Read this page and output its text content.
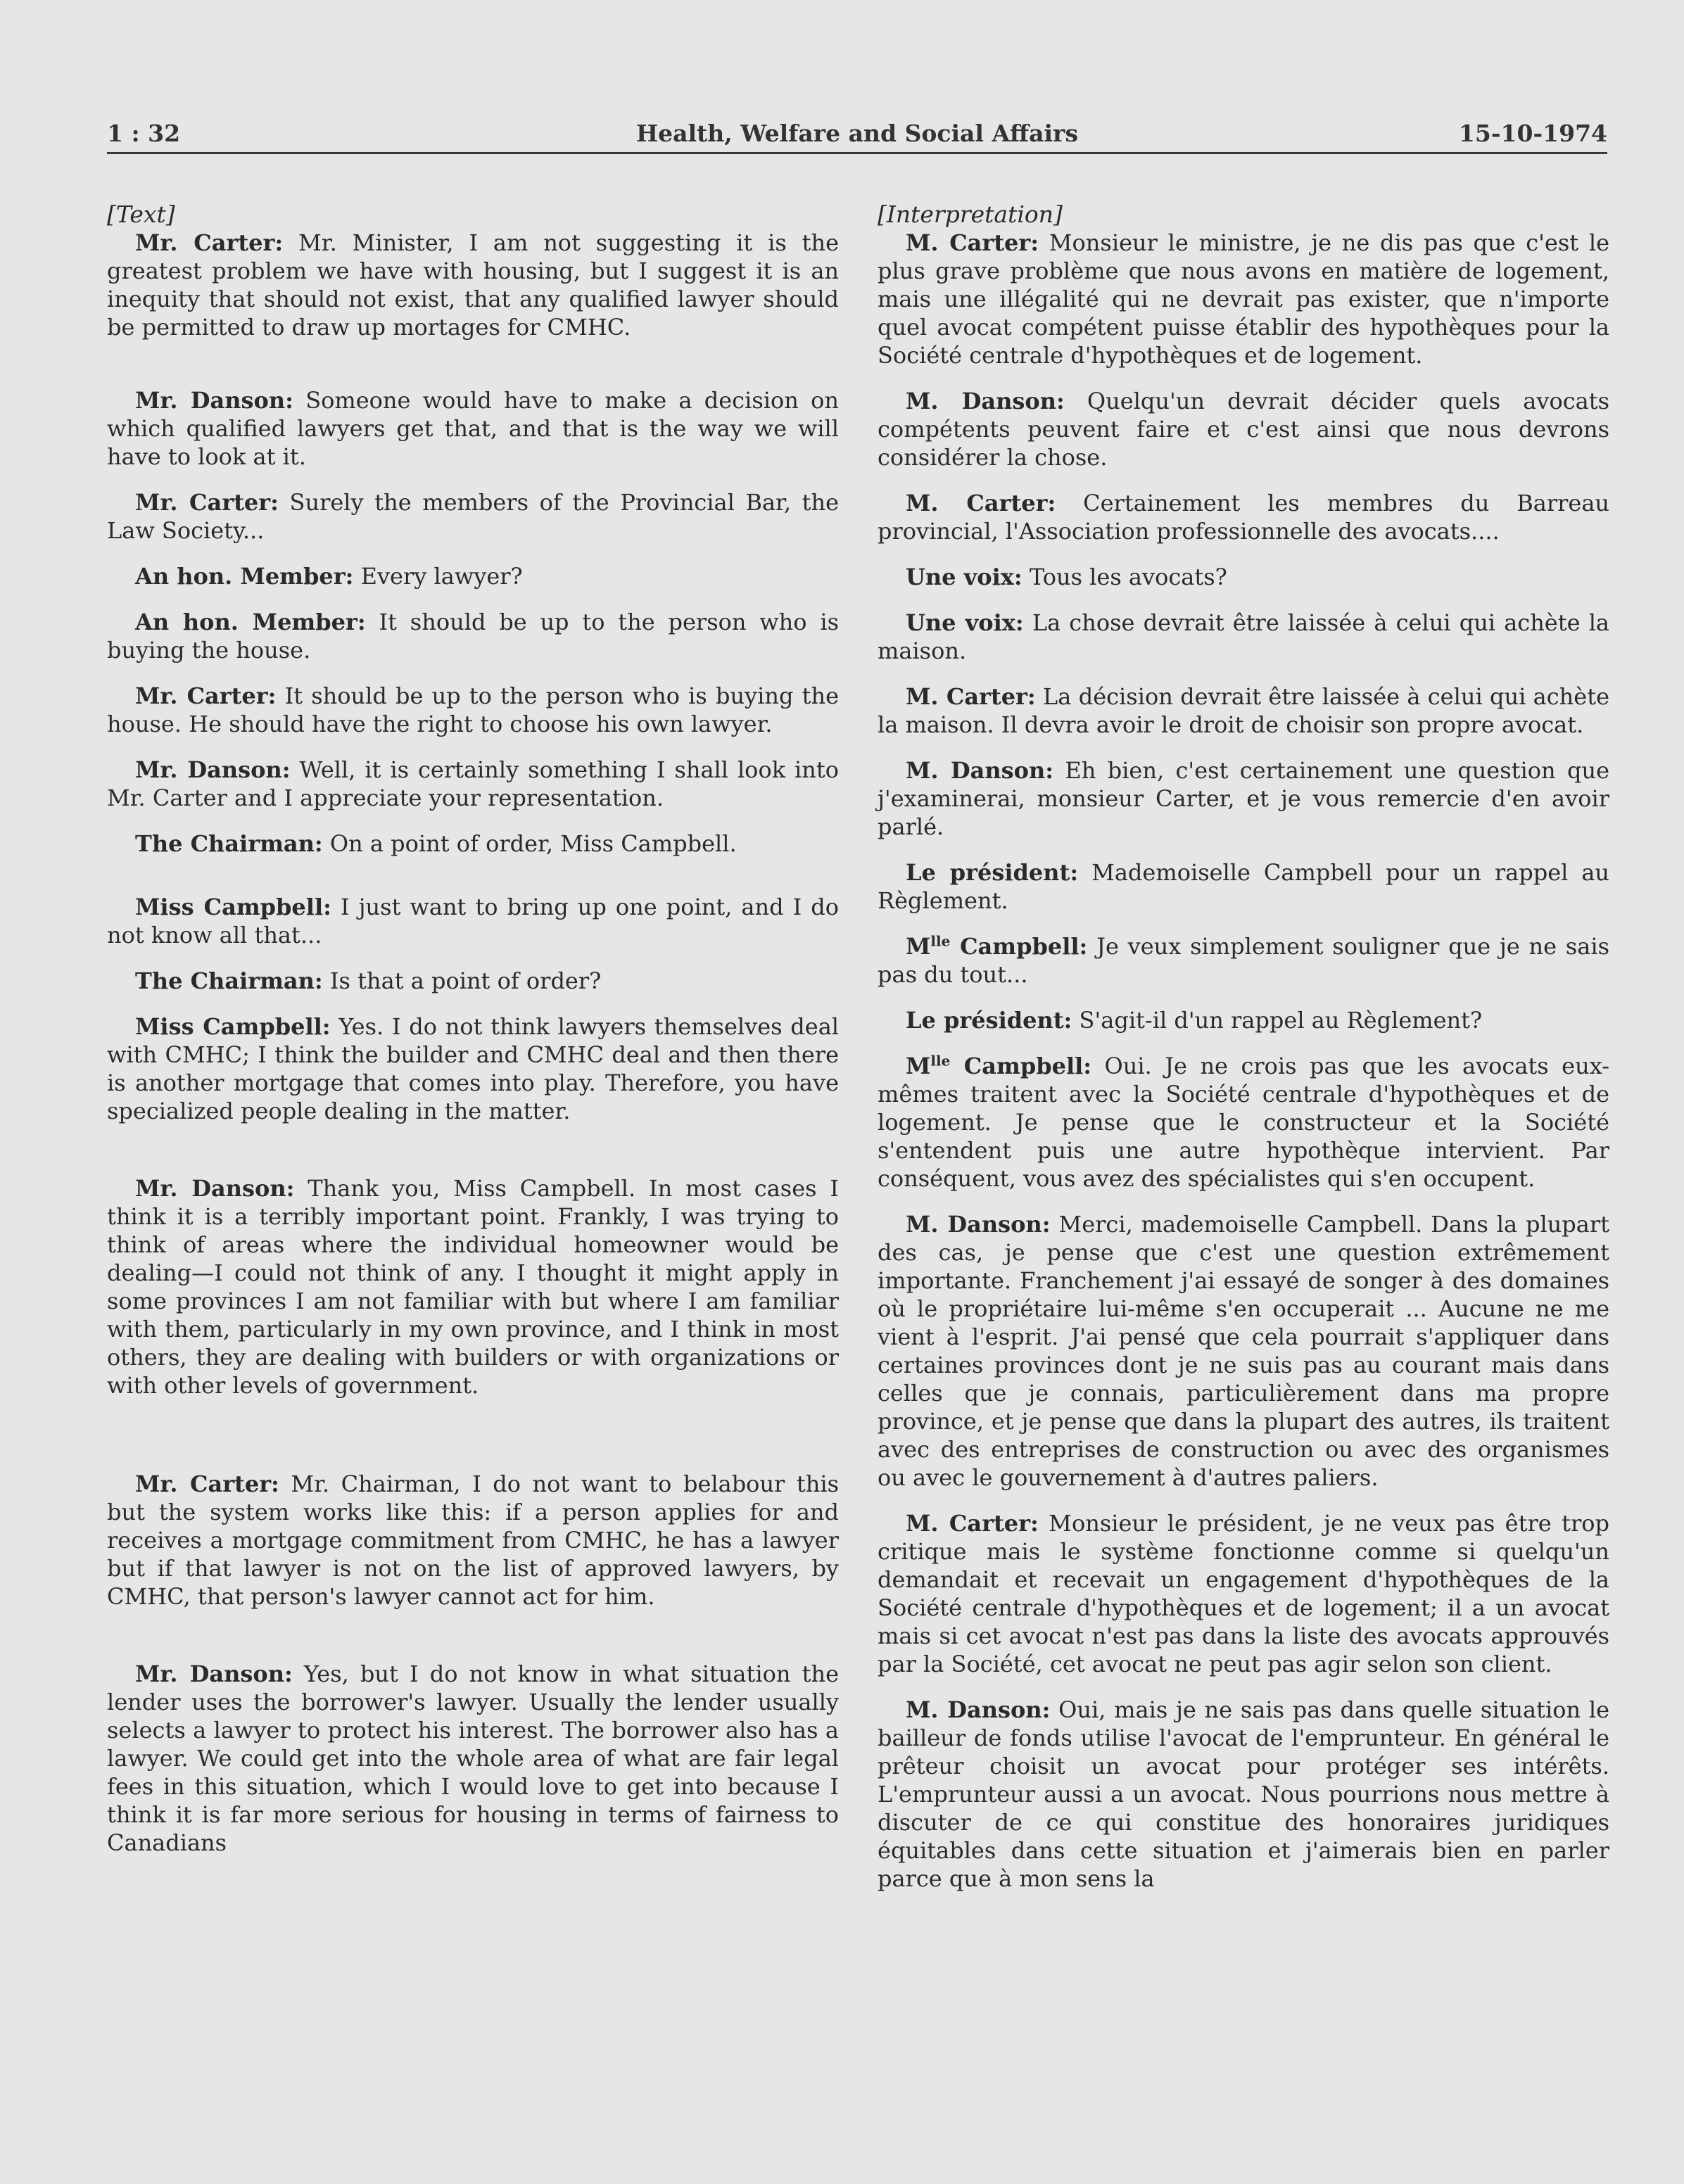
1 : 32	Health, Welfare and Social Affairs	15-10-1974

[Text]

Mr. Carter: Mr. Minister, I am not suggesting it is the greatest problem we have with housing, but I suggest it is an inequity that should not exist, that any qualified lawyer should be permitted to draw up mortages for CMHC.

Mr. Danson: Someone would have to make a decision on which qualified lawyers get that, and that is the way we will have to look at it.

Mr. Carter: Surely the members of the Provincial Bar, the Law Society...

An hon. Member: Every lawyer?

An hon. Member: It should be up to the person who is buying the house.

Mr. Carter: It should be up to the person who is buying the house. He should have the right to choose his own lawyer.

Mr. Danson: Well, it is certainly something I shall look into Mr. Carter and I appreciate your representation.

The Chairman: On a point of order, Miss Campbell.

Miss Campbell: I just want to bring up one point, and I do not know all that...

The Chairman: Is that a point of order?

Miss Campbell: Yes. I do not think lawyers themselves deal with CMHC; I think the builder and CMHC deal and then there is another mortgage that comes into play. Therefore, you have specialized people dealing in the matter.

Mr. Danson: Thank you, Miss Campbell. In most cases I think it is a terribly important point. Frankly, I was trying to think of areas where the individual homeowner would be dealing—I could not think of any. I thought it might apply in some provinces I am not familiar with but where I am familiar with them, particularly in my own province, and I think in most others, they are dealing with builders or with organizations or with other levels of government.

Mr. Carter: Mr. Chairman, I do not want to belabour this but the system works like this: if a person applies for and receives a mortgage commitment from CMHC, he has a lawyer but if that lawyer is not on the list of approved lawyers, by CMHC, that person's lawyer cannot act for him.

Mr. Danson: Yes, but I do not know in what situation the lender uses the borrower's lawyer. Usually the lender usually selects a lawyer to protect his interest. The borrower also has a lawyer. We could get into the whole area of what are fair legal fees in this situation, which I would love to get into because I think it is far more serious for housing in terms of fairness to Canadians

[Interpretation]

M. Carter: Monsieur le ministre, je ne dis pas que c'est le plus grave problème que nous avons en matière de logement, mais une illégalité qui ne devrait pas exister, que n'importe quel avocat compétent puisse établir des hypothèques pour la Société centrale d'hypothèques et de logement.

M. Danson: Quelqu'un devrait décider quels avocats compétents peuvent faire et c'est ainsi que nous devrons considérer la chose.

M. Carter: Certainement les membres du Barreau provincial, l'Association professionnelle des avocats....

Une voix: Tous les avocats?

Une voix: La chose devrait être laissée à celui qui achète la maison.

M. Carter: La décision devrait être laissée à celui qui achète la maison. Il devra avoir le droit de choisir son propre avocat.

M. Danson: Eh bien, c'est certainement une question que j'examinerai, monsieur Carter, et je vous remercie d'en avoir parlé.

Le président: Mademoiselle Campbell pour un rappel au Règlement.

$M^{lle}$ Campbell: Je veux simplement souligner que je ne sais pas du tout...

Le président: S'agit-il d'un rappel au Règlement?

$M^{lle}$ Campbell: Oui. Je ne crois pas que les avocats eux-mêmes traitent avec la Société centrale d'hypothèques et de logement. Je pense que le constructeur et la Société s'entendent puis une autre hypothèque intervient. Par conséquent, vous avez des spécialistes qui s'en occupent.

M. Danson: Merci, mademoiselle Campbell. Dans la plupart des cas, je pense que c'est une question extrêmement importante. Franchement j'ai essayé de songer à des domaines où le propriétaire lui-même s'en occuperait ... Aucune ne me vient à l'esprit. J'ai pensé que cela pourrait s'appliquer dans certaines provinces dont je ne suis pas au courant mais dans celles que je connais, particulièrement dans ma propre province, et je pense que dans la plupart des autres, ils traitent avec des entreprises de construction ou avec des organismes ou avec le gouvernement à d'autres paliers.

M. Carter: Monsieur le président, je ne veux pas être trop critique mais le système fonctionne comme si quelqu'un demandait et recevait un engagement d'hypothèques de la Société centrale d'hypothèques et de logement; il a un avocat mais si cet avocat n'est pas dans la liste des avocats approuvés par la Société, cet avocat ne peut pas agir selon son client.

M. Danson: Oui, mais je ne sais pas dans quelle situation le bailleur de fonds utilise l'avocat de l'emprunteur. En général le prêteur choisit un avocat pour protéger ses intérêts. L'emprunteur aussi a un avocat. Nous pourrions nous mettre à discuter de ce qui constitue des honoraires juridiques équitables dans cette situation et j'aimerais bien en parler parce que à mon sens la
